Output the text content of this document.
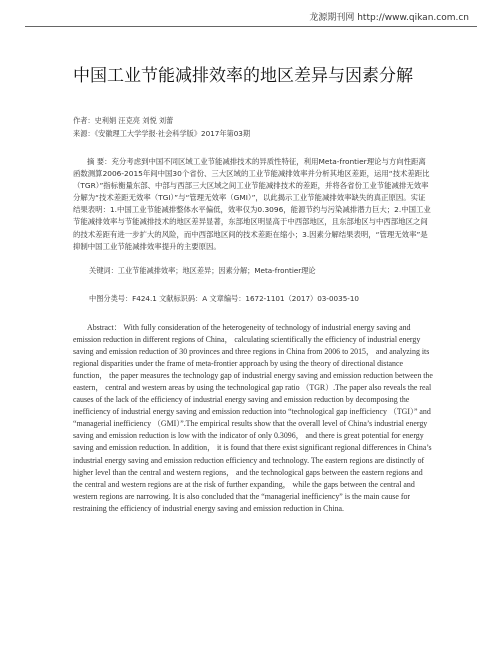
龙源期刊网 http://www.qikan.com.cn
中国工业节能减排效率的地区差异与因素分解
作者：史利娟 汪克亮 刘悦 刘蕾
来源：《安徽理工大学学报·社会科学版》2017年第03期

摘 要：充分考虑到中国不同区域工业节能减排技术的异质性特征，利用Meta-frontier理论与方向性距离函数测算2006-2015年间中国30个省份、三大区域的工业节能减排效率并分析其地区差距，运用“技术差距比（TGR）”指标衡量东部、中部与西部三大区域之间工业节能减排技术的差距，并将各省份工业节能减排无效率分解为“技术差距无效率（TGI）”与“管理无效率（GMI）”，以此揭示工业节能减排效率缺失的真正原因。实证结果表明：1.中国工业节能减排整体水平偏低，效率仅为0.3096，能源节约与污染减排潜力巨大；2.中国工业节能减排效率与节能减排技术的地区差异显著，东部地区明显高于中西部地区，且东部地区与中西部地区之间的技术差距有进一步扩大的风险，而中西部地区间的技术差距在缩小；3.因素分解结果表明，“管理无效率”是抑制中国工业节能减排效率提升的主要原因。

关键词：工业节能减排效率；地区差异；因素分解；Meta-frontier理论
中图分类号：F424.1 文献标识码：A 文章编号：1672-1101（2017）03-0035-10

Abstract： With fully consideration of the heterogeneity of technology of industrial energy saving and emission reduction in different regions of China， calculating scientifically the efficiency of industrial energy saving and emission reduction of 30 provinces and three regions in China from 2006 to 2015， and analyzing its regional disparities under the frame of meta-frontier approach by using the theory of directional distance function， the paper measures the technology gap of industrial energy saving and emission reduction between the eastern， central and western areas by using the technological gap ratio （TGR）.The paper also reveals the real causes of the lack of the efficiency of industrial energy saving and emission reduction by decomposing the inefficiency of industrial energy saving and emission reduction into “technological gap inefficiency （TGI）” and “managerial inefficiency （GMI）”.The empirical results show that the overall level of China’s industrial energy saving and emission reduction is low with the indicator of only 0.3096， and there is great potential for energy saving and emission reduction. In addition， it is found that there exist significant regional differences in China’s industrial energy saving and emission reduction efficiency and technology. The eastern regions are distinctly of higher level than the central and western regions， and the technological gaps between the eastern regions and the central and western regions are at the risk of further expanding， while the gaps between the central and western regions are narrowing. It is also concluded that the “managerial inefficiency” is the main cause for restraining the efficiency of industrial energy saving and emission reduction in China.
